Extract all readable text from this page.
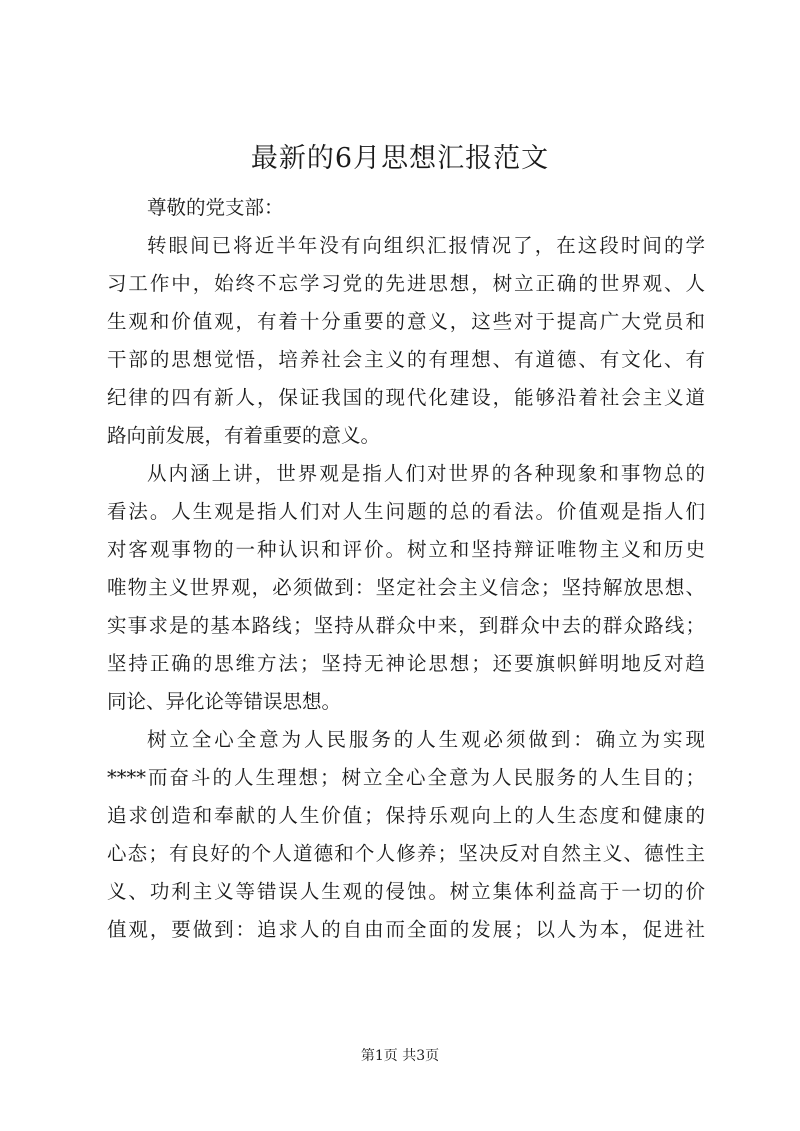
最新的6月思想汇报范文
尊敬的党支部：
转眼间已将近半年没有向组织汇报情况了，在这段时间的学
习工作中，始终不忘学习党的先进思想，树立正确的世界观、人
生观和价值观，有着十分重要的意义，这些对于提高广大党员和
干部的思想觉悟，培养社会主义的有理想、有道德、有文化、有
纪律的四有新人，保证我国的现代化建设，能够沿着社会主义道
路向前发展，有着重要的意义。
从内涵上讲，世界观是指人们对世界的各种现象和事物总的
看法。人生观是指人们对人生问题的总的看法。价值观是指人们
对客观事物的一种认识和评价。树立和坚持辩证唯物主义和历史
唯物主义世界观，必须做到：坚定社会主义信念；坚持解放思想、
实事求是的基本路线；坚持从群众中来，到群众中去的群众路线；
坚持正确的思维方法；坚持无神论思想；还要旗帜鲜明地反对趋
同论、异化论等错误思想。
树立全心全意为人民服务的人生观必须做到：确立为实现
****而奋斗的人生理想；树立全心全意为人民服务的人生目的；
追求创造和奉献的人生价值；保持乐观向上的人生态度和健康的
心态；有良好的个人道德和个人修养；坚决反对自然主义、德性主
义、功利主义等错误人生观的侵蚀。树立集体利益高于一切的价
值观，要做到：追求人的自由而全面的发展；以人为本，促进社
第1页 共3页
